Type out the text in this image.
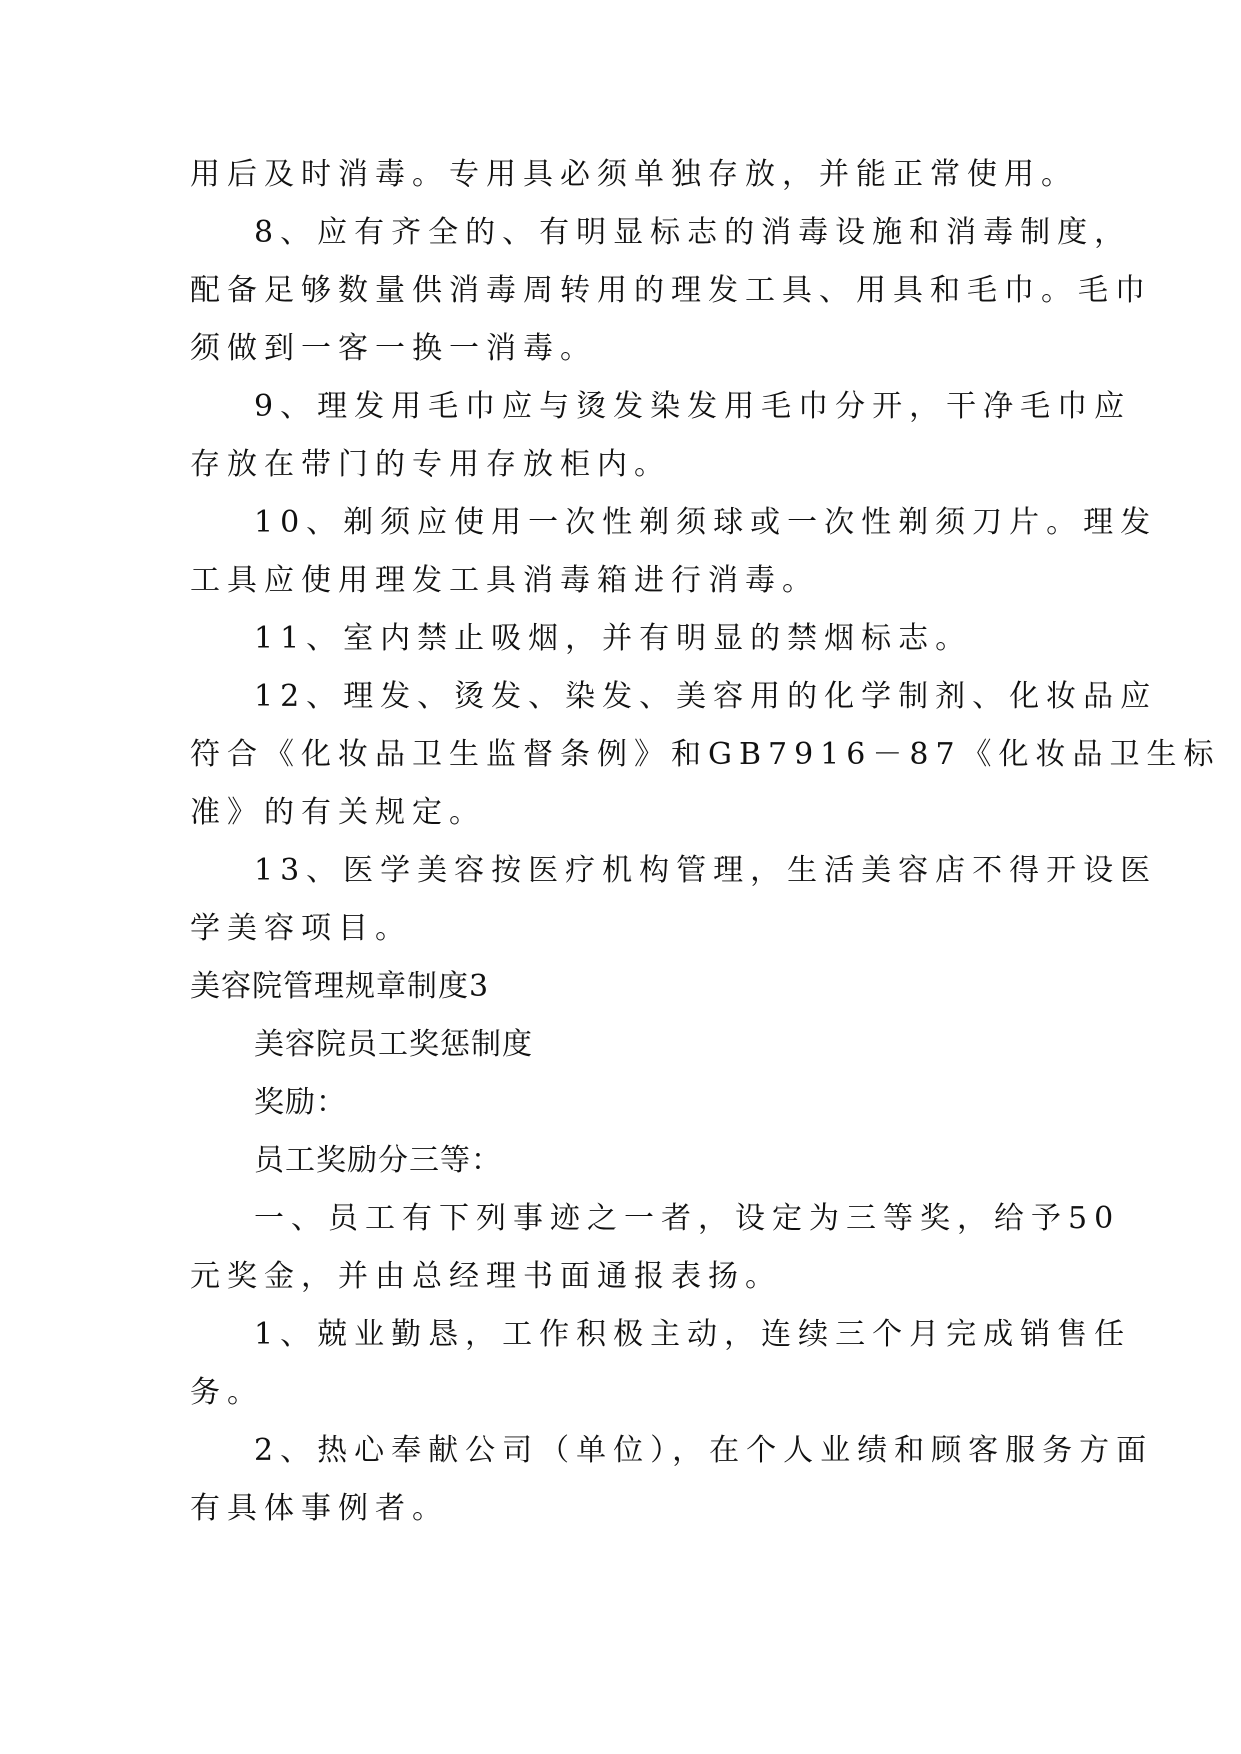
用后及时消毒。专用具必须单独存放，并能正常使用。
8、应有齐全的、有明显标志的消毒设施和消毒制度，
配备足够数量供消毒周转用的理发工具、用具和毛巾。毛巾
须做到一客一换一消毒。
9、理发用毛巾应与烫发染发用毛巾分开，干净毛巾应
存放在带门的专用存放柜内。
10、剃须应使用一次性剃须球或一次性剃须刀片。理发
工具应使用理发工具消毒箱进行消毒。
11、室内禁止吸烟，并有明显的禁烟标志。
12、理发、烫发、染发、美容用的化学制剂、化妆品应
符合《化妆品卫生监督条例》和GB7916－87《化妆品卫生标
准》的有关规定。
13、医学美容按医疗机构管理，生活美容店不得开设医
学美容项目。
美容院管理规章制度3
美容院员工奖惩制度
奖励：
员工奖励分三等：
一、员工有下列事迹之一者，设定为三等奖，给予50
元奖金，并由总经理书面通报表扬。
1、兢业勤恳，工作积极主动，连续三个月完成销售任
务。
2、热心奉献公司（单位），在个人业绩和顾客服务方面
有具体事例者。
